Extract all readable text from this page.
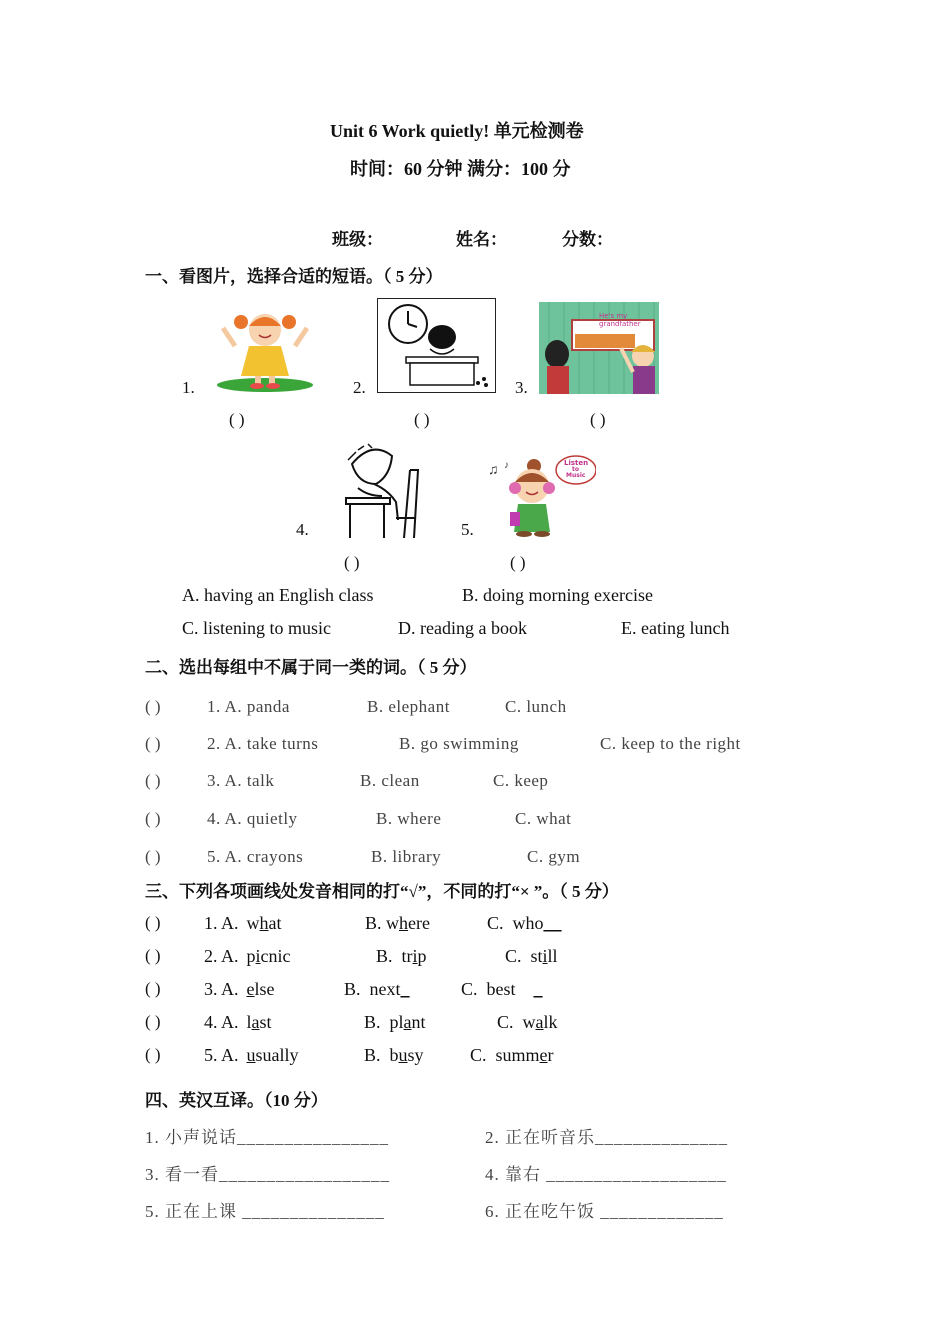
Unit 6 Work quietly! 单元检测卷
时间：60 分钟 满分：100 分
班级：	姓名：	分数：
一、看图片，选择合适的短语。（ 5 分）
1.	2.
He's my
grandfather
3.
( )	( )	( )
4.
♫ ♪	Listen
to
Music
5.
( )	( )
A. having an English class	B. doing morning exercise
C. listening to music	D. reading a book	E. eating lunch
二、选出每组中不属于同一类的词。（ 5 分）
( )	1. A. panda	B. elephant	C. lunch
( )	2. A. take turns	B. go swimming	C. keep to the right
( )	3. A. talk	B. clean	C. keep
( )	4. A. quietly	B. where	C. what
( )	5. A. crayons	B. library	C. gym
三、下列各项画线处发音相同的打“√”，不同的打“× ”。（ 5 分）
( ) 1. A. what	B. where	C.  who__
( ) 2. A. picnic	B.  trip	C.  still
( ) 3. A. else	B.  next_	C.  best    _
( ) 4. A. last	B.  plant	C.  walk
( ) 5. A. usually	B.  busy	C.  summer
四、英汉互译。（10 分）
1. 小声说话________________	2. 正在听音乐______________
3. 看一看__________________	4. 靠右 ___________________
5. 正在上课 _______________	6. 正在吃午饭 _____________
